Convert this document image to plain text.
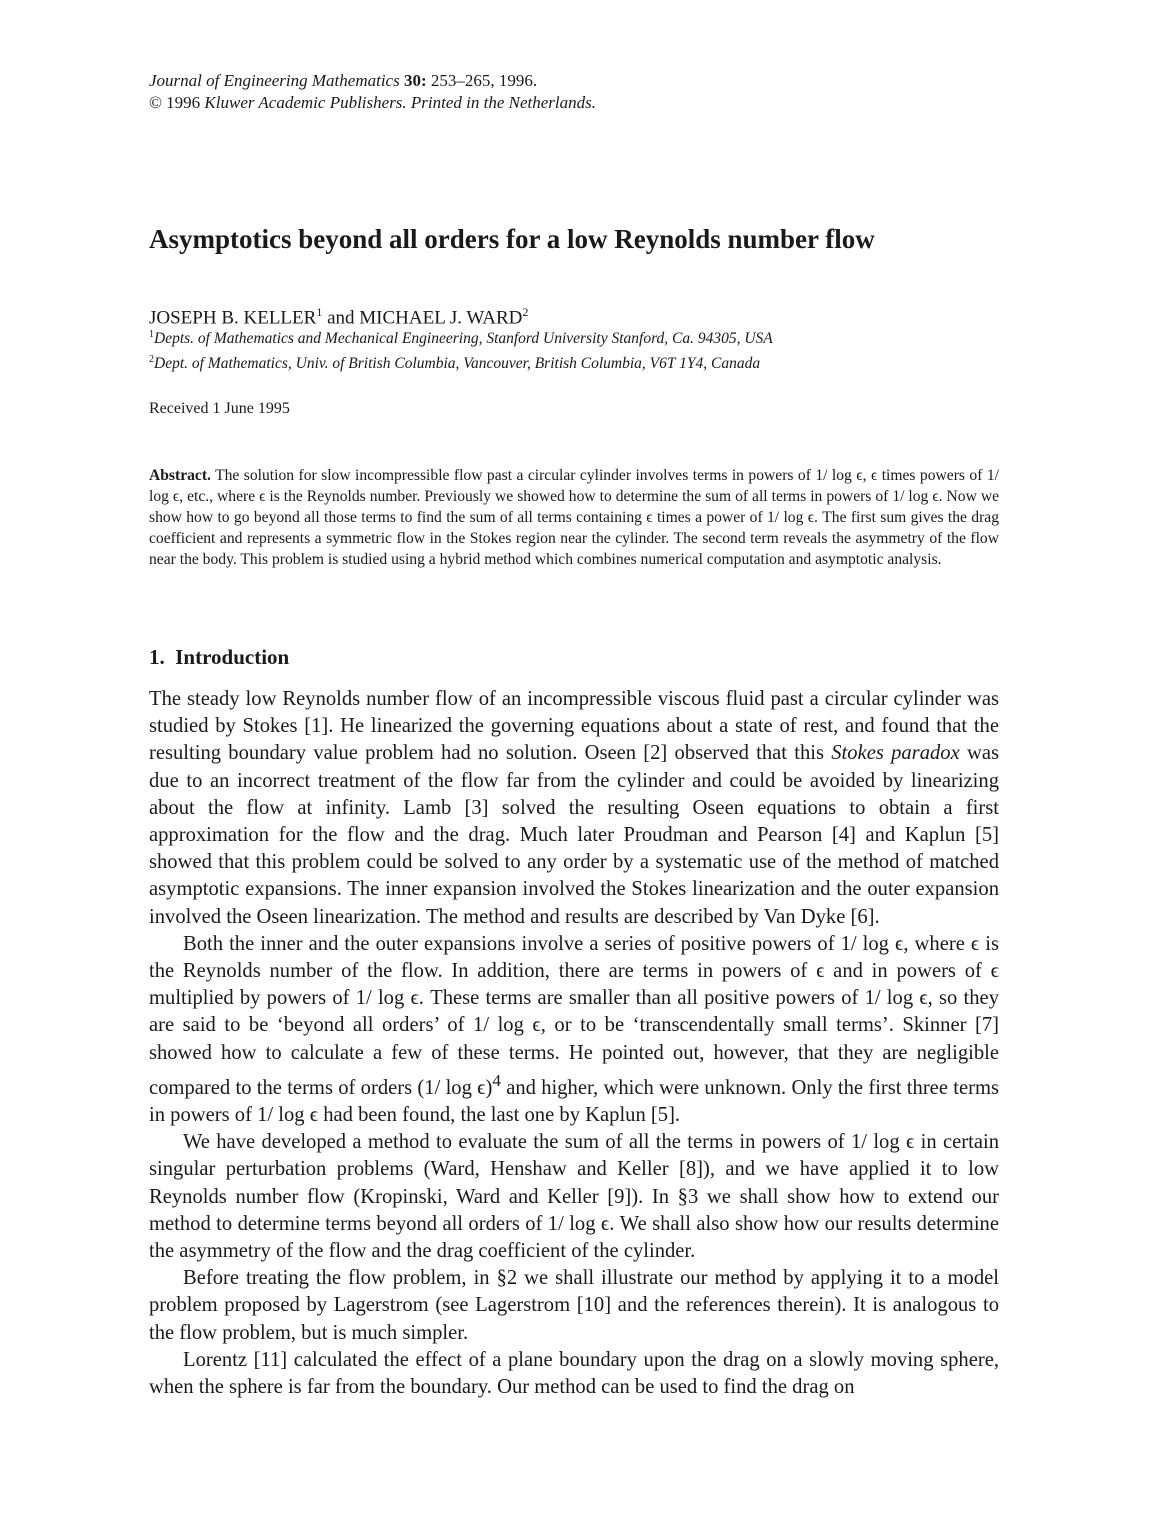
Journal of Engineering Mathematics 30: 253–265, 1996.
© 1996 Kluwer Academic Publishers. Printed in the Netherlands.
Asymptotics beyond all orders for a low Reynolds number flow
JOSEPH B. KELLER$^1$ and MICHAEL J. WARD$^2$
$^1$Depts. of Mathematics and Mechanical Engineering, Stanford University Stanford, Ca. 94305, USA
$^2$Dept. of Mathematics, Univ. of British Columbia, Vancouver, British Columbia, V6T 1Y4, Canada
Received 1 June 1995

Abstract. The solution for slow incompressible flow past a circular cylinder involves terms in powers of 1/ log ϵ, ϵ times powers of 1/ log ϵ, etc., where ϵ is the Reynolds number. Previously we showed how to determine the sum of all terms in powers of 1/ log ϵ. Now we show how to go beyond all those terms to find the sum of all terms containing ϵ times a power of 1/ log ϵ. The first sum gives the drag coefficient and represents a symmetric flow in the Stokes region near the cylinder. The second term reveals the asymmetry of the flow near the body. This problem is studied using a hybrid method which combines numerical computation and asymptotic analysis.

1. Introduction

The steady low Reynolds number flow of an incompressible viscous fluid past a circular cylinder was studied by Stokes [1]. He linearized the governing equations about a state of rest, and found that the resulting boundary value problem had no solution. Oseen [2] observed that this Stokes paradox was due to an incorrect treatment of the flow far from the cylinder and could be avoided by linearizing about the flow at infinity. Lamb [3] solved the resulting Oseen equations to obtain a first approximation for the flow and the drag. Much later Proudman and Pearson [4] and Kaplun [5] showed that this problem could be solved to any order by a systematic use of the method of matched asymptotic expansions. The inner expansion involved the Stokes linearization and the outer expansion involved the Oseen linearization. The method and results are described by Van Dyke [6].

Both the inner and the outer expansions involve a series of positive powers of 1/ log ϵ, where ϵ is the Reynolds number of the flow. In addition, there are terms in powers of ϵ and in powers of ϵ multiplied by powers of 1/ log ϵ. These terms are smaller than all positive powers of 1/ log ϵ, so they are said to be ‘beyond all orders’ of 1/ log ϵ, or to be ‘transcendentally small terms’. Skinner [7] showed how to calculate a few of these terms. He pointed out, however, that they are negligible compared to the terms of orders (1/ log ϵ)$^4$ and higher, which were unknown. Only the first three terms in powers of 1/ log ϵ had been found, the last one by Kaplun [5].

We have developed a method to evaluate the sum of all the terms in powers of 1/ log ϵ in certain singular perturbation problems (Ward, Henshaw and Keller [8]), and we have applied it to low Reynolds number flow (Kropinski, Ward and Keller [9]). In §3 we shall show how to extend our method to determine terms beyond all orders of 1/ log ϵ. We shall also show how our results determine the asymmetry of the flow and the drag coefficient of the cylinder.

Before treating the flow problem, in §2 we shall illustrate our method by applying it to a model problem proposed by Lagerstrom (see Lagerstrom [10] and the references therein). It is analogous to the flow problem, but is much simpler.

Lorentz [11] calculated the effect of a plane boundary upon the drag on a slowly moving sphere, when the sphere is far from the boundary. Our method can be used to find the drag on
